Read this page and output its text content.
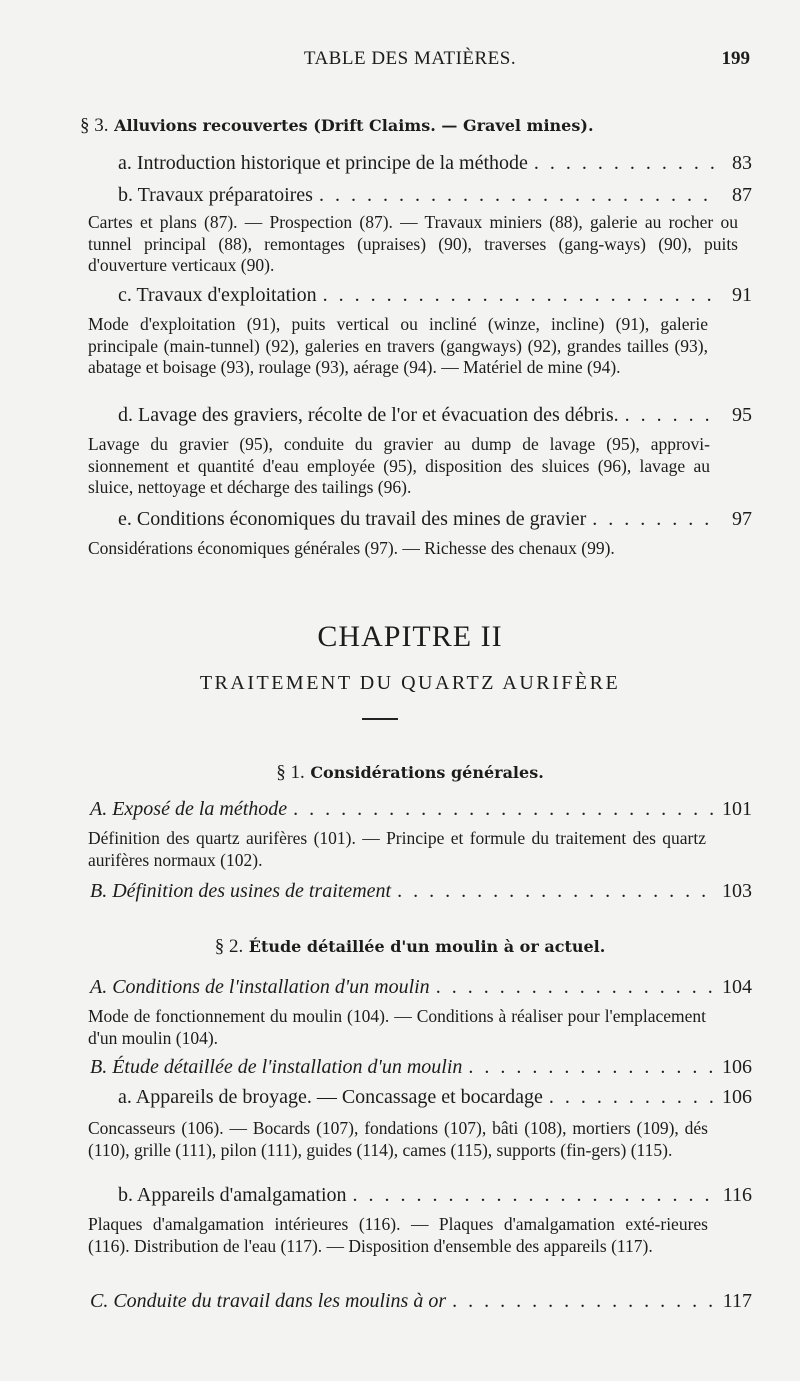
TABLE DES MATIÈRES.	199
§ 3. Alluvions recouvertes (Drift Claims. — Gravel mines).
a. Introduction historique et principe de la méthode . . .	83
b. Travaux préparatoires . . .	87
Cartes et plans (87). — Prospection (87). — Travaux miniers (88), galerie au rocher ou tunnel principal (88), remontages (upraises) (90), traverses (gang-ways) (90), puits d'ouverture verticaux (90).
c. Travaux d'exploitation . . .	91
Mode d'exploitation (91), puits vertical ou incliné (winze, incline) (91), galerie principale (main-tunnel) (92), galeries en travers (gangways) (92), grandes tailles (93), abatage et boisage (93), roulage (93), aérage (94). — Matériel de mine (94).
d. Lavage des graviers, récolte de l'or et évacuation des débris. . . .	95
Lavage du gravier (95), conduite du gravier au dump de lavage (95), approvi-sionnement et quantité d'eau employée (95), disposition des sluices (96), lavage au sluice, nettoyage et décharge des tailings (96).
e. Conditions économiques du travail des mines de gravier . . .	97
Considérations économiques générales (97). — Richesse des chenaux (99).
CHAPITRE II
TRAITEMENT DU QUARTZ AURIFÈRE
§ 1. Considérations générales.
A. Exposé de la méthode . . .	101
Définition des quartz aurifères (101). — Principe et formule du traitement des quartz aurifères normaux (102).
B. Définition des usines de traitement . . .	103
§ 2. Étude détaillée d'un moulin à or actuel.
A. Conditions de l'installation d'un moulin . . .	104
Mode de fonctionnement du moulin (104). — Conditions à réaliser pour l'emplacement d'un moulin (104).
B. Étude détaillée de l'installation d'un moulin . . .	106
a. Appareils de broyage. — Concassage et bocardage . . .	106
Concasseurs (106). — Bocards (107), fondations (107), bâti (108), mortiers (109), dés (110), grille (111), pilon (111), guides (114), cames (115), supports (fin-gers) (115).
b. Appareils d'amalgamation . . .	116
Plaques d'amalgamation intérieures (116). — Plaques d'amalgamation exté-rieures (116). Distribution de l'eau (117). — Disposition d'ensemble des appareils (117).
C. Conduite du travail dans les moulins à or . . .	117
